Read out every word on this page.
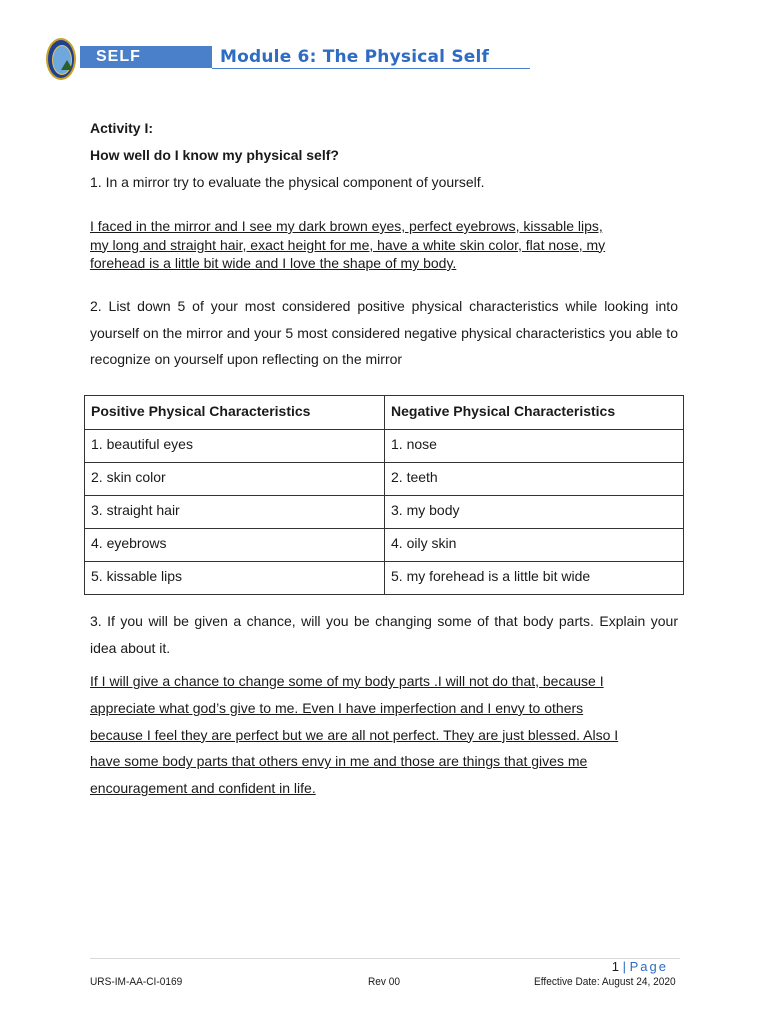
SELF	Module 6: The Physical Self
Activity I:
How well do I know my physical self?
1. In a mirror try to evaluate the physical component of yourself.
I faced in the mirror and I see my dark brown eyes, perfect eyebrows, kissable lips,
my long and straight hair, exact height for me, have a white skin color, flat nose, my
forehead is a little bit wide and I love the shape of my body.
2. List down 5 of your most considered positive physical characteristics while looking into yourself on the mirror and your 5 most considered negative physical characteristics you able to recognize on yourself upon reflecting on the mirror
Positive Physical Characteristics	Negative Physical Characteristics
1. beautiful eyes	1. nose
2. skin color	2. teeth
3. straight hair	3. my body
4. eyebrows	4. oily skin
5. kissable lips	5. my forehead is a little bit wide
3. If you will be given a chance, will you be changing some of that body parts. Explain your idea about it.
If I will give a chance to change some of my body parts .I will not do that, because I
appreciate what god’s give to me. Even I have imperfection and I envy to others
because I feel they are perfect but we are all not perfect. They are just blessed. Also I
have some body parts that others envy in me and those are things that gives me
encouragement and confident in life.
1 | Page
URS-IM-AA-CI-0169	Rev 00	Effective Date: August 24, 2020
